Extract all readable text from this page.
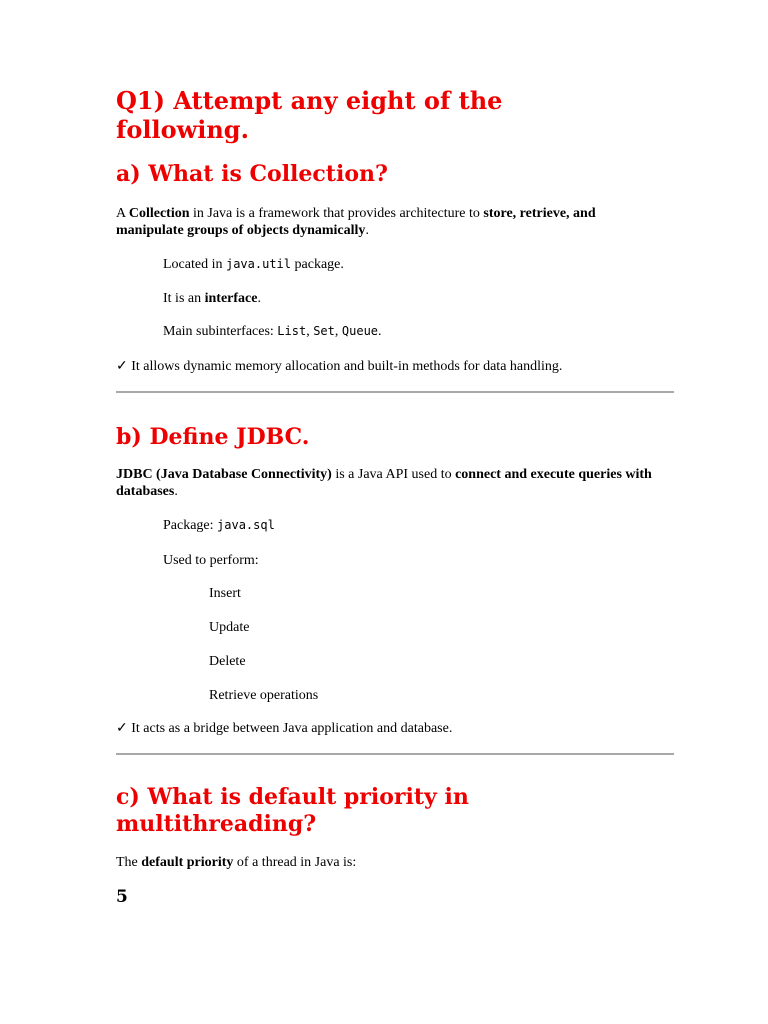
Q1) Attempt any eight of the following.
a) What is Collection?

A Collection in Java is a framework that provides architecture to store, retrieve, and manipulate groups of objects dynamically.

Located in java.util package.

It is an interface.

Main subinterfaces: List, Set, Queue.

✓ It allows dynamic memory allocation and built-in methods for data handling.

b) Define JDBC.

JDBC (Java Database Connectivity) is a Java API used to connect and execute queries with databases.

Package: java.sql

Used to perform:

Insert

Update

Delete

Retrieve operations

✓ It acts as a bridge between Java application and database.

c) What is default priority in multithreading?

The default priority of a thread in Java is:

5
